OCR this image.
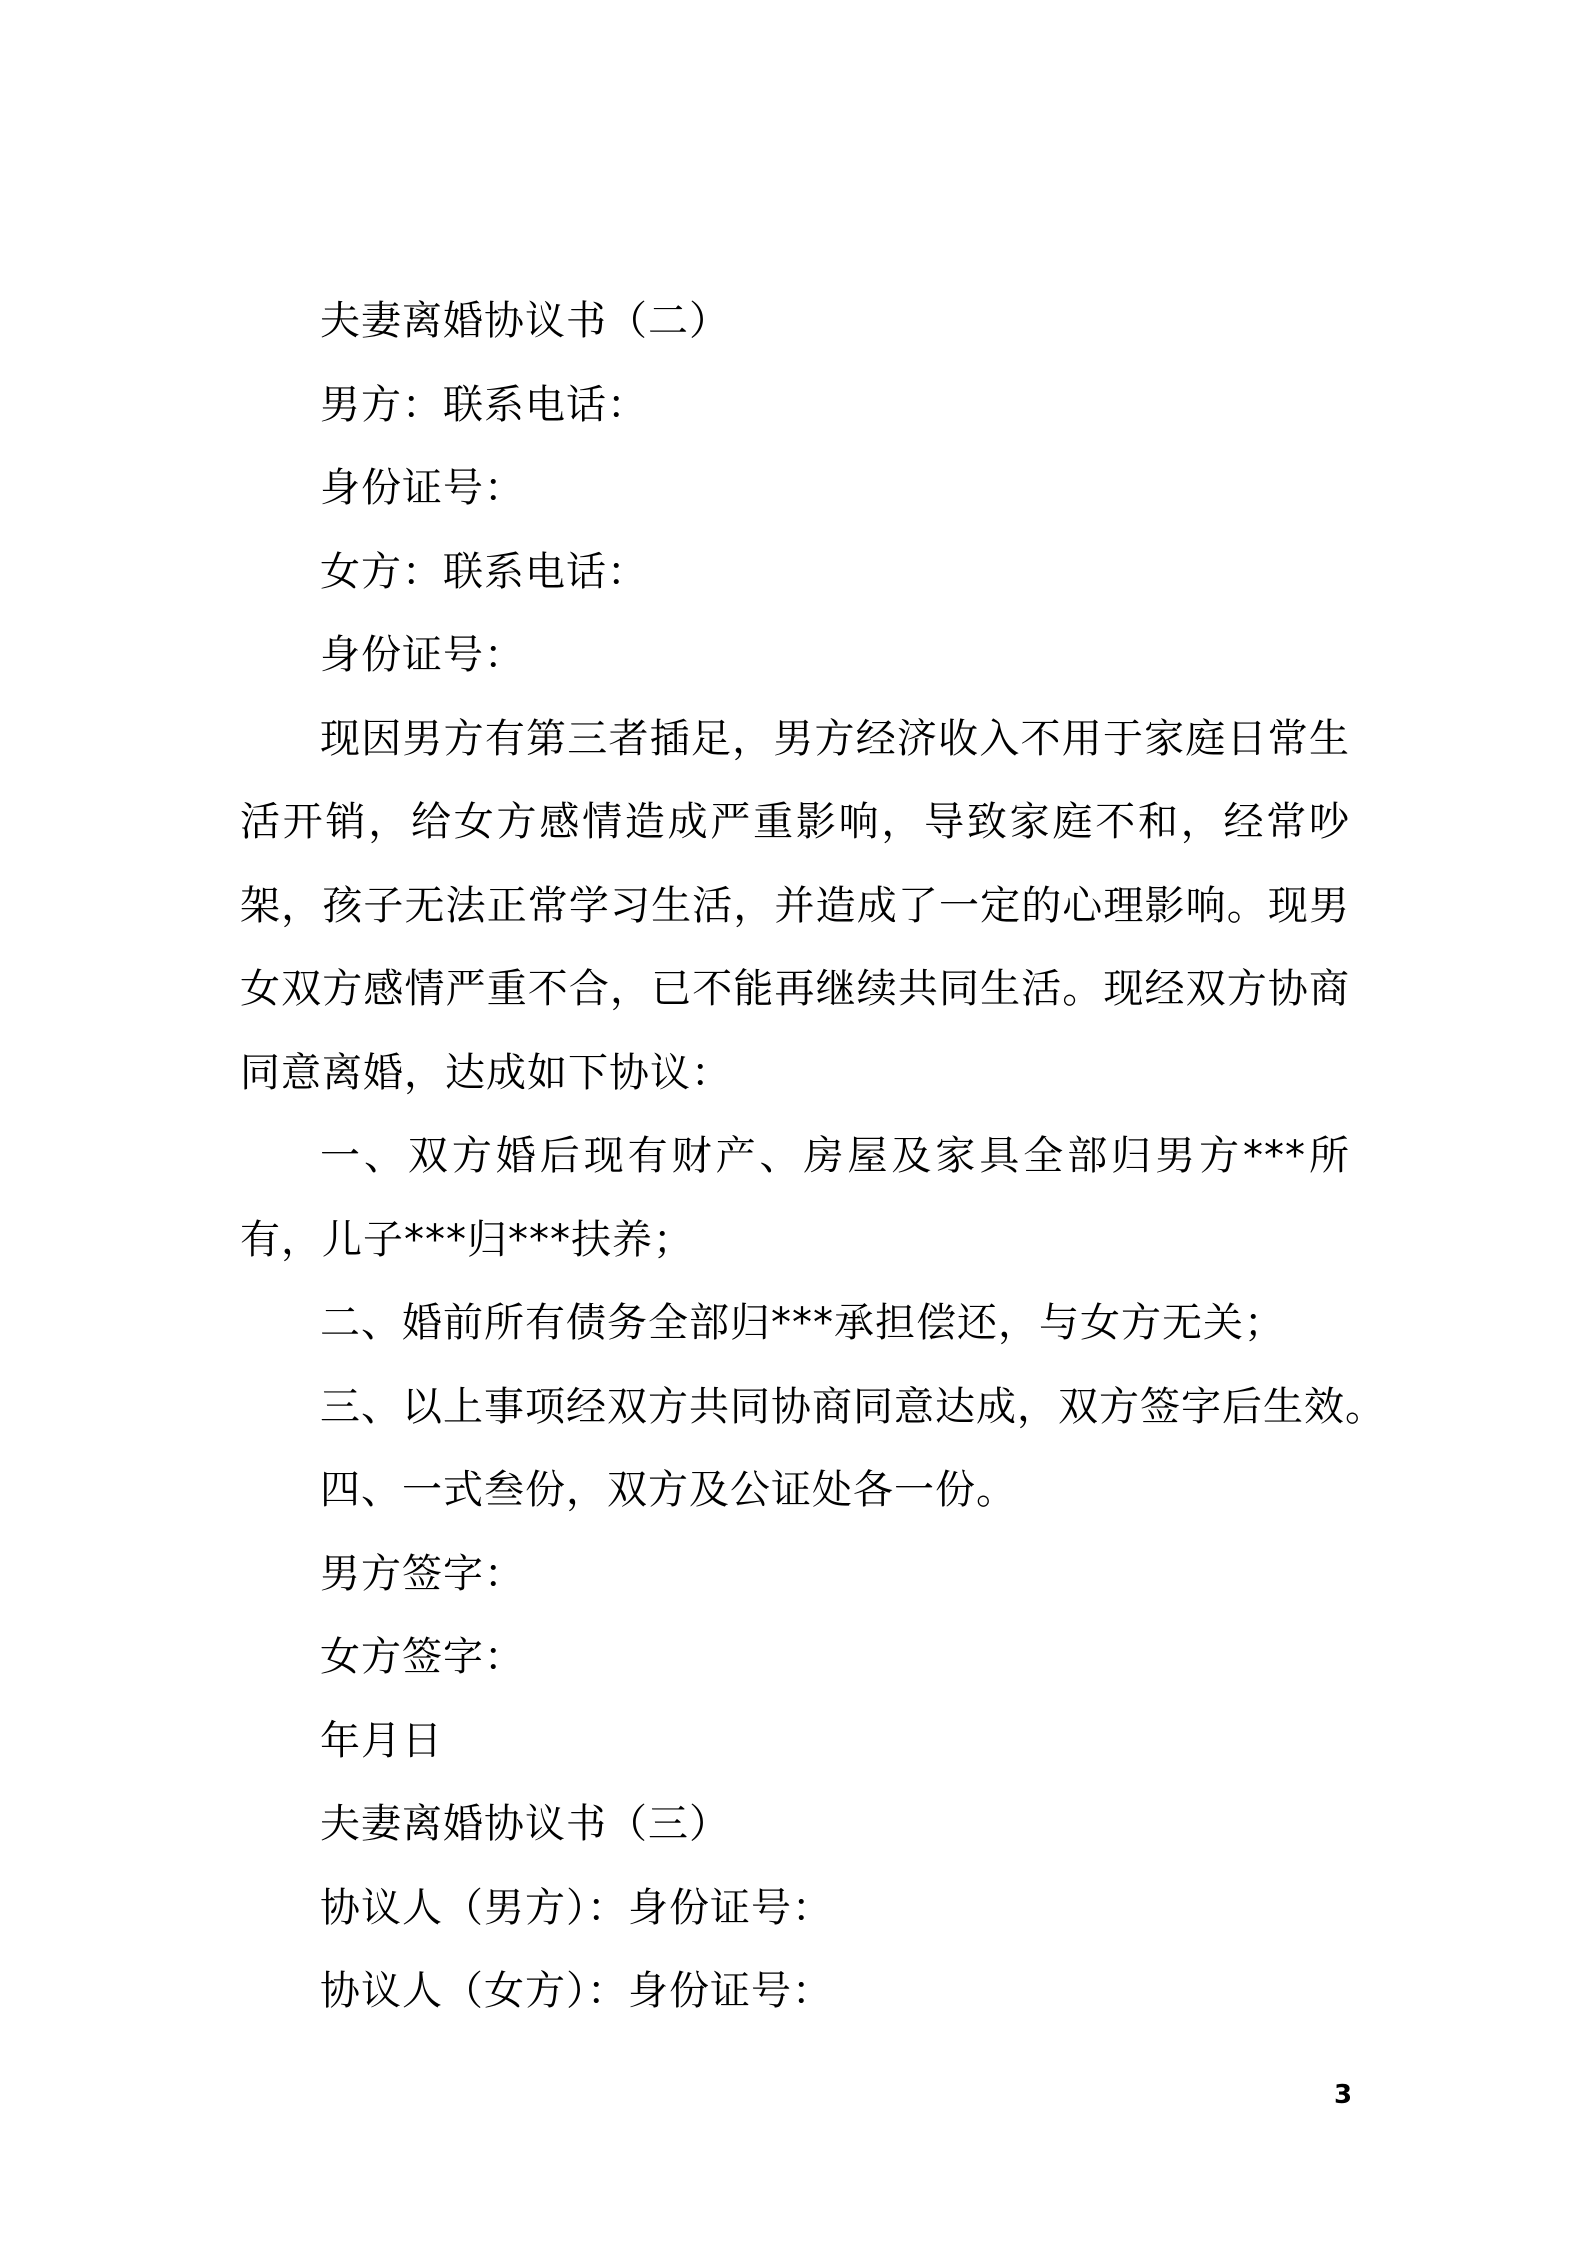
夫妻离婚协议书（二）
男方：联系电话：
身份证号：
女方：联系电话：
身份证号：
现因男方有第三者插足，男方经济收入不用于家庭日常生活开销，给女方感情造成严重影响，导致家庭不和，经常吵架，孩子无法正常学习生活，并造成了一定的心理影响。现男女双方感情严重不合，已不能再继续共同生活。现经双方协商同意离婚，达成如下协议：
一、双方婚后现有财产、房屋及家具全部归男方***所有，儿子***归***扶养；
二、婚前所有债务全部归***承担偿还，与女方无关；
三、以上事项经双方共同协商同意达成，双方签字后生效。
四、一式叁份，双方及公证处各一份。
男方签字：
女方签字：
年月日
夫妻离婚协议书（三）
协议人（男方）：身份证号：
协议人（女方）：身份证号：
3
